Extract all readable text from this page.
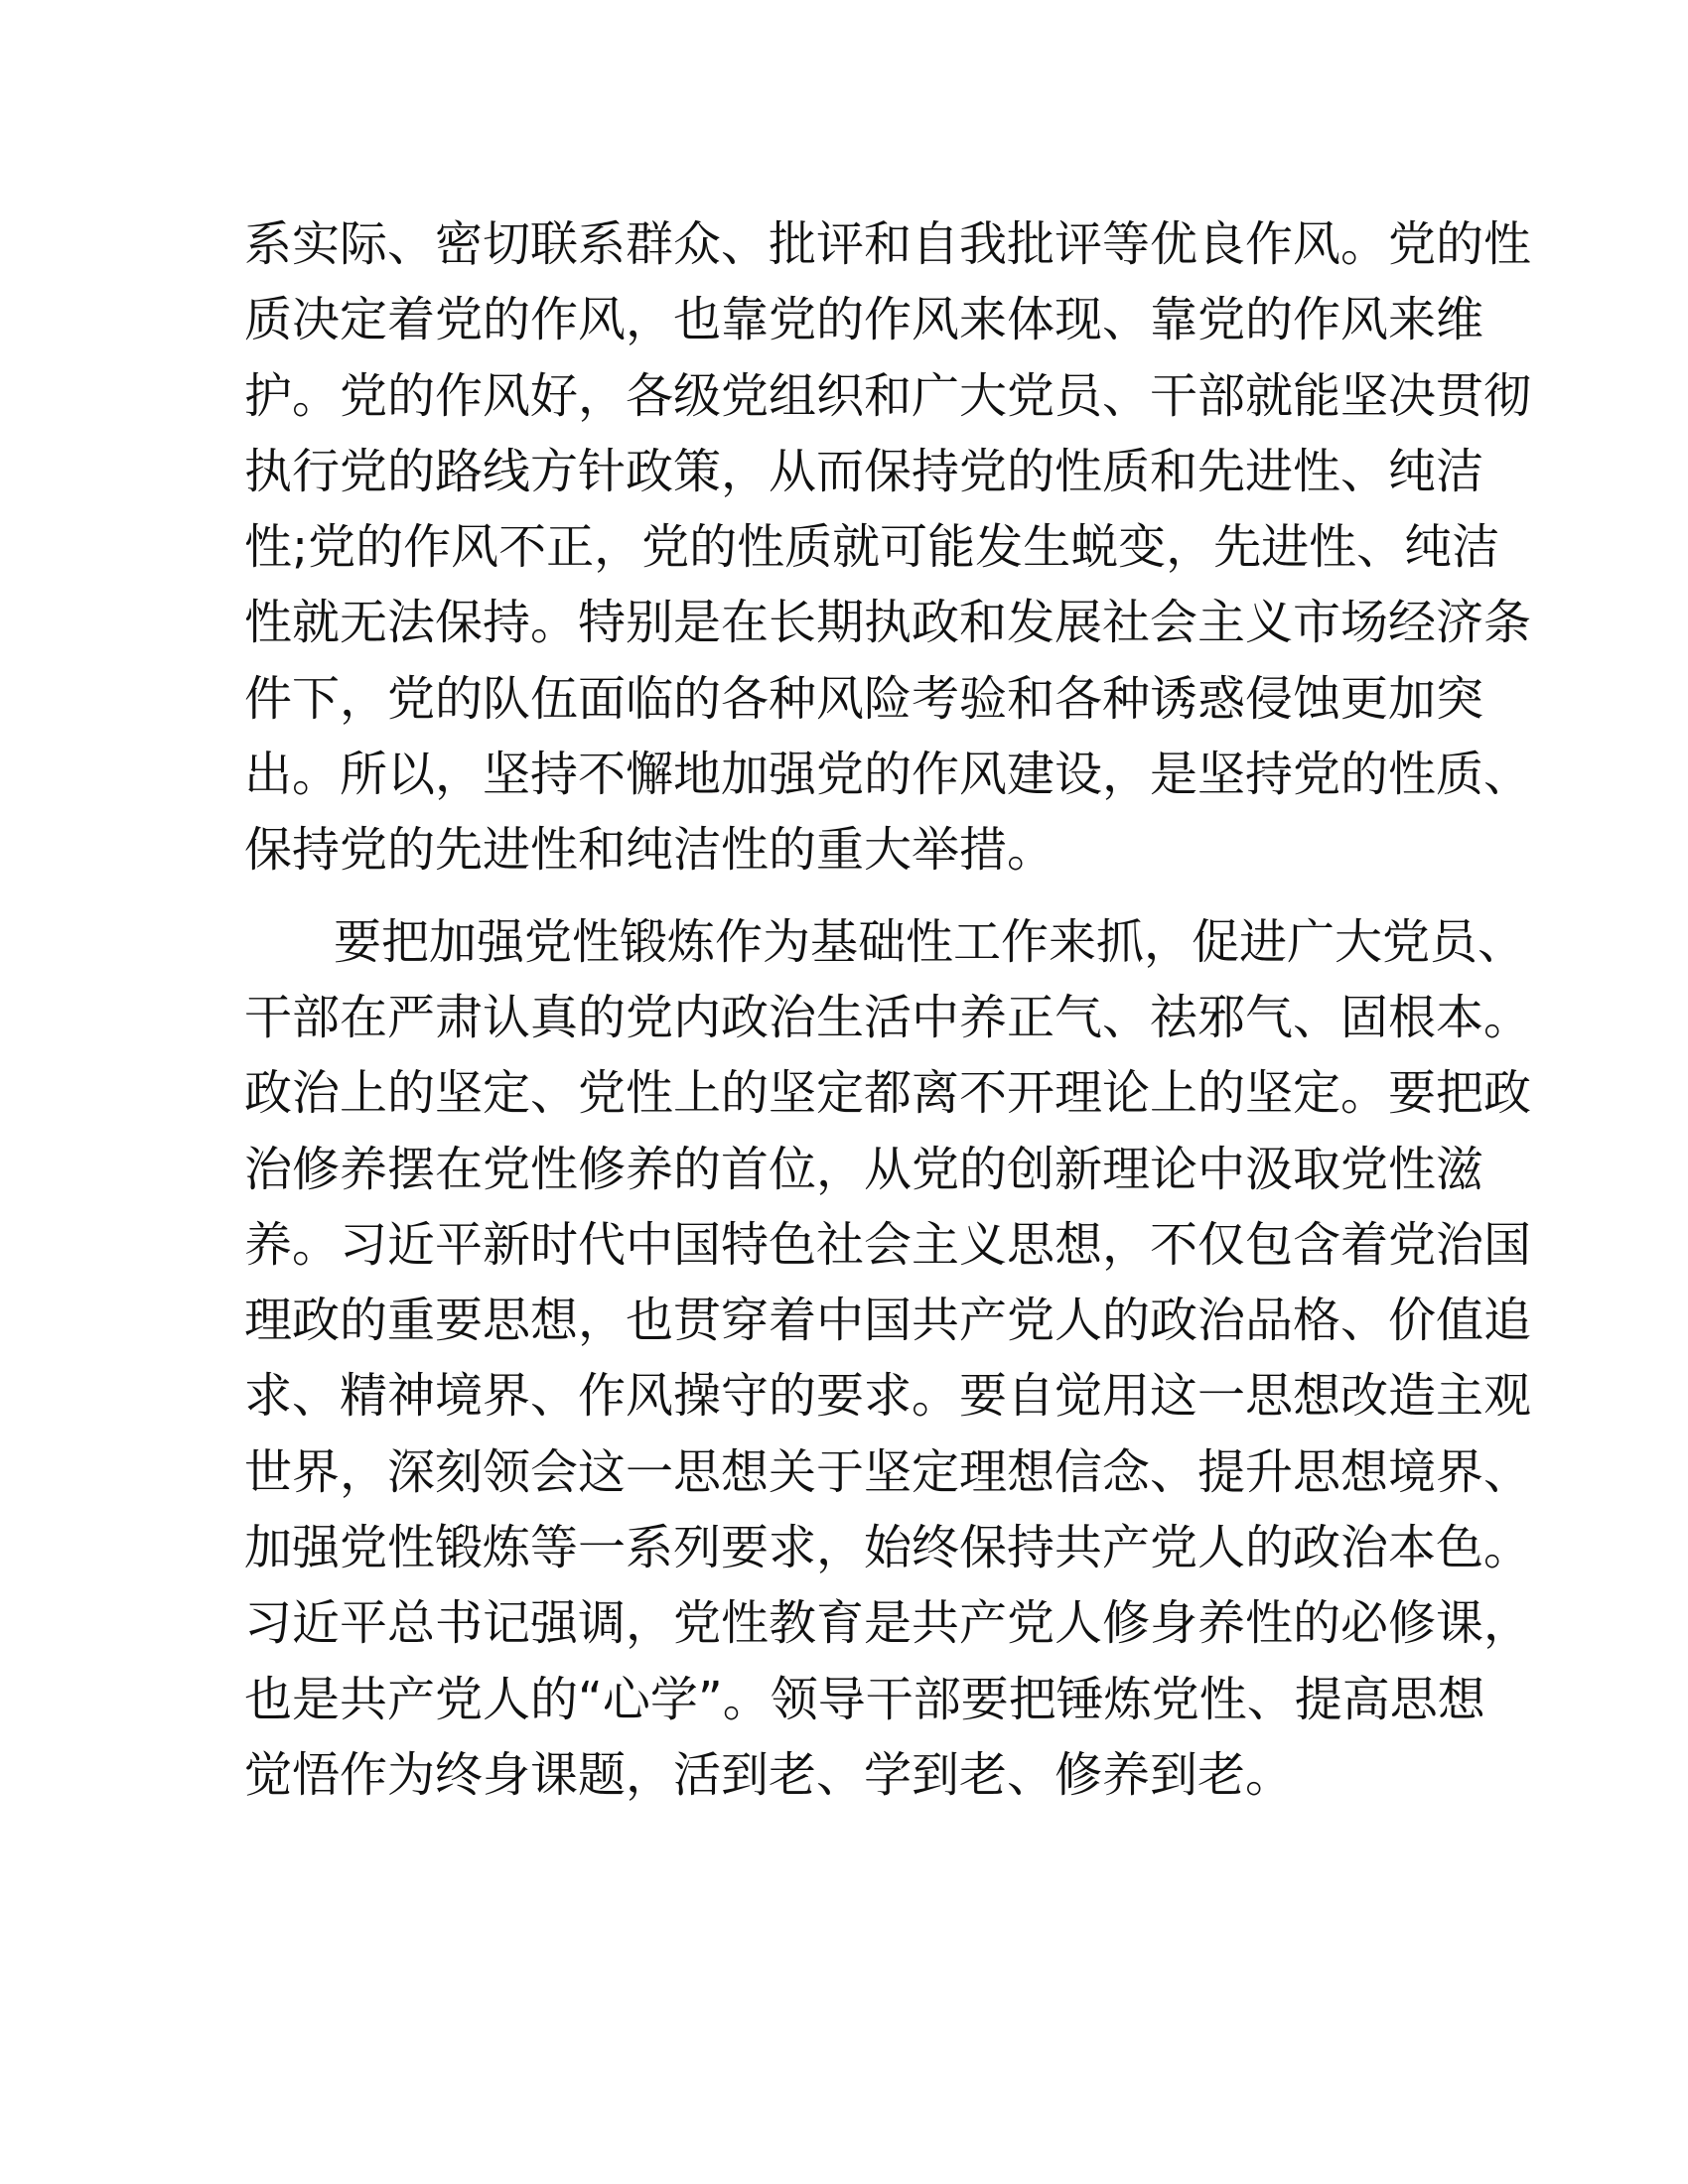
系实际、密切联系群众、批评和自我批评等优良作风。党的性
质决定着党的作风，也靠党的作风来体现、靠党的作风来维
护。党的作风好，各级党组织和广大党员、干部就能坚决贯彻
执行党的路线方针政策，从而保持党的性质和先进性、纯洁
性;党的作风不正，党的性质就可能发生蜕变，先进性、纯洁
性就无法保持。特别是在长期执政和发展社会主义市场经济条
件下，党的队伍面临的各种风险考验和各种诱惑侵蚀更加突
出。所以，坚持不懈地加强党的作风建设，是坚持党的性质、
保持党的先进性和纯洁性的重大举措。
要把加强党性锻炼作为基础性工作来抓，促进广大党员、
干部在严肃认真的党内政治生活中养正气、祛邪气、固根本。
政治上的坚定、党性上的坚定都离不开理论上的坚定。要把政
治修养摆在党性修养的首位，从党的创新理论中汲取党性滋
养。习近平新时代中国特色社会主义思想，不仅包含着党治国
理政的重要思想，也贯穿着中国共产党人的政治品格、价值追
求、精神境界、作风操守的要求。要自觉用这一思想改造主观
世界，深刻领会这一思想关于坚定理想信念、提升思想境界、
加强党性锻炼等一系列要求，始终保持共产党人的政治本色。
习近平总书记强调，党性教育是共产党人修身养性的必修课，
也是共产党人的“心学”。领导干部要把锤炼党性、提高思想
觉悟作为终身课题，活到老、学到老、修养到老。
